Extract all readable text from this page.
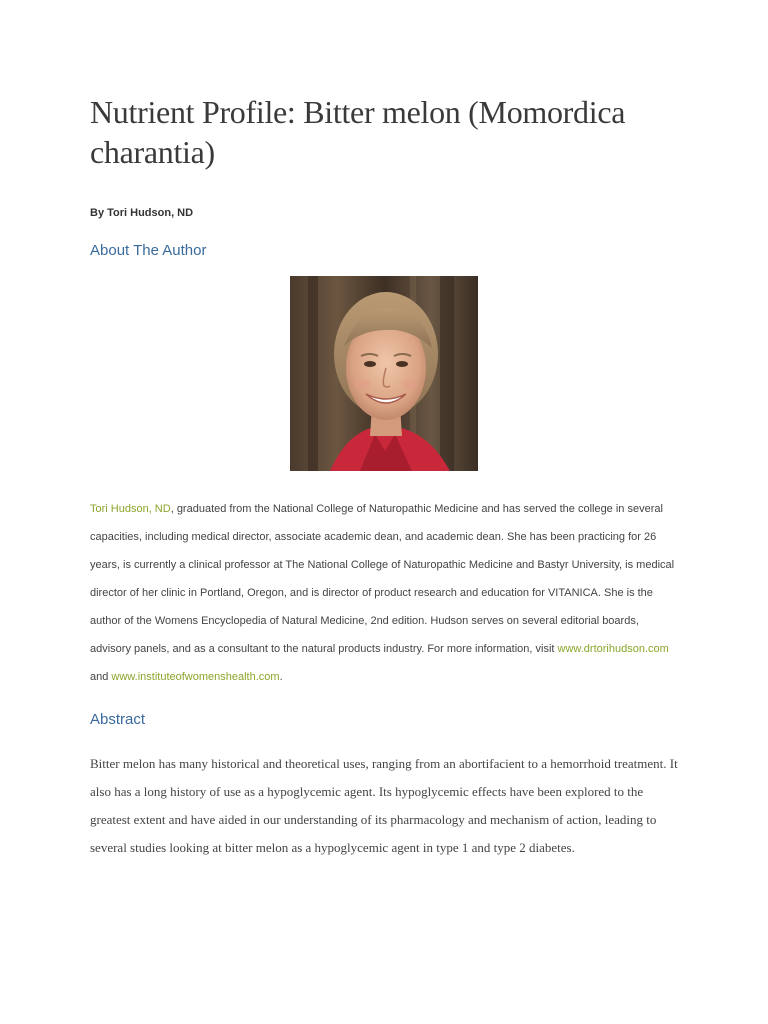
Nutrient Profile: Bitter melon (Momordica charantia)
By Tori Hudson, ND
About The Author
Tori Hudson, ND, graduated from the National College of Naturopathic Medicine and has served the college in several capacities, including medical director, associate academic dean, and academic dean. She has been practicing for 26 years, is currently a clinical professor at The National College of Naturopathic Medicine and Bastyr University, is medical director of her clinic in Portland, Oregon, and is director of product research and education for VITANICA. She is the author of the Womens Encyclopedia of Natural Medicine, 2nd edition. Hudson serves on several editorial boards, advisory panels, and as a consultant to the natural products industry. For more information, visit www.drtorihudson.com and www.instituteofwomenshealth.com.
Abstract
Bitter melon has many historical and theoretical uses, ranging from an abortifacient to a hemorrhoid treatment. It also has a long history of use as a hypoglycemic agent. Its hypoglycemic effects have been explored to the greatest extent and have aided in our understanding of its pharmacology and mechanism of action, leading to several studies looking at bitter melon as a hypoglycemic agent in type 1 and type 2 diabetes.
